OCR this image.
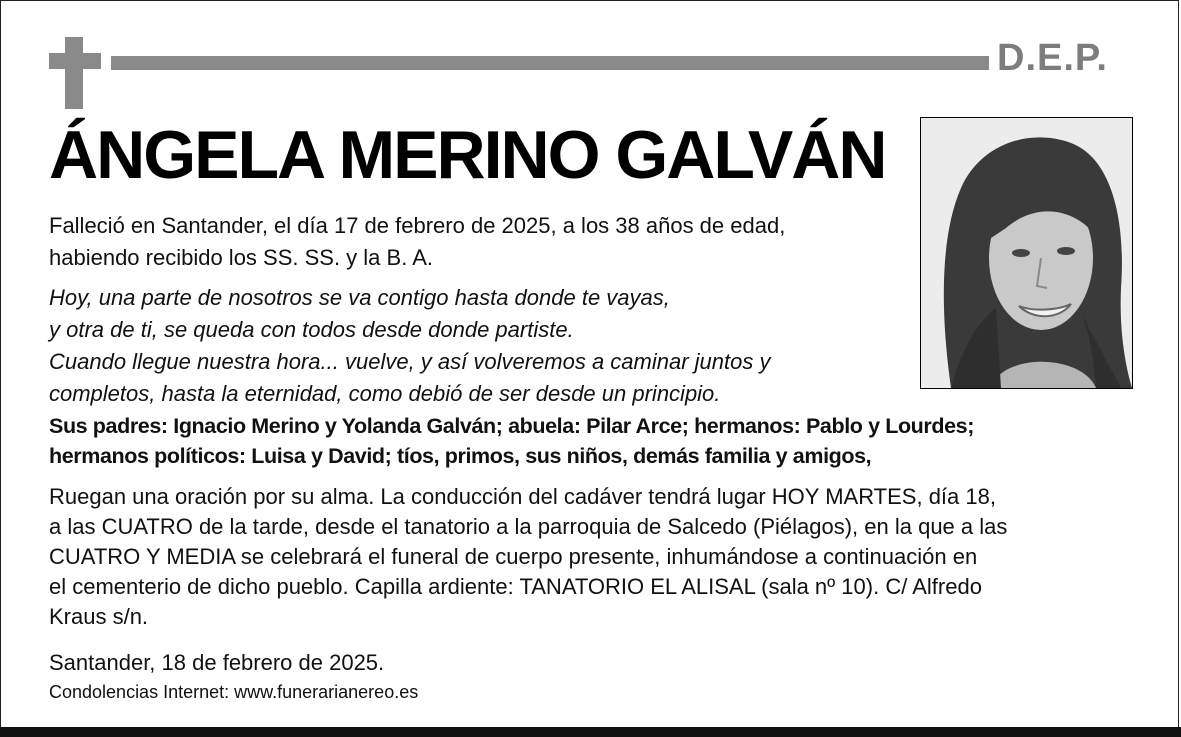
D.E.P.
ÁNGELA MERINO GALVÁN

Falleció en Santander, el día 17 de febrero de 2025, a los 38 años de edad,

habiendo recibido los SS. SS. y la B. A.

Hoy, una parte de nosotros se va contigo hasta donde te vayas,

y otra de ti, se queda con todos desde donde partiste.

Cuando llegue nuestra hora... vuelve, y así volveremos a caminar juntos y

completos, hasta la eternidad, como debió de ser desde un principio.

Sus padres: Ignacio Merino y Yolanda Galván; abuela: Pilar Arce; hermanos: Pablo y Lourdes;

hermanos políticos: Luisa y David; tíos, primos, sus niños, demás familia y amigos,

Ruegan una oración por su alma. La conducción del cadáver tendrá lugar HOY MARTES, día 18,

a las CUATRO de la tarde, desde el tanatorio a la parroquia de Salcedo (Piélagos), en la que a las

CUATRO Y MEDIA se celebrará el funeral de cuerpo presente, inhumándose a continuación en

el cementerio de dicho pueblo. Capilla ardiente: TANATORIO EL ALISAL (sala nº 10). C/ Alfredo

Kraus s/n.

Santander, 18 de febrero de 2025.

Condolencias Internet: www.funerarianereo.es
